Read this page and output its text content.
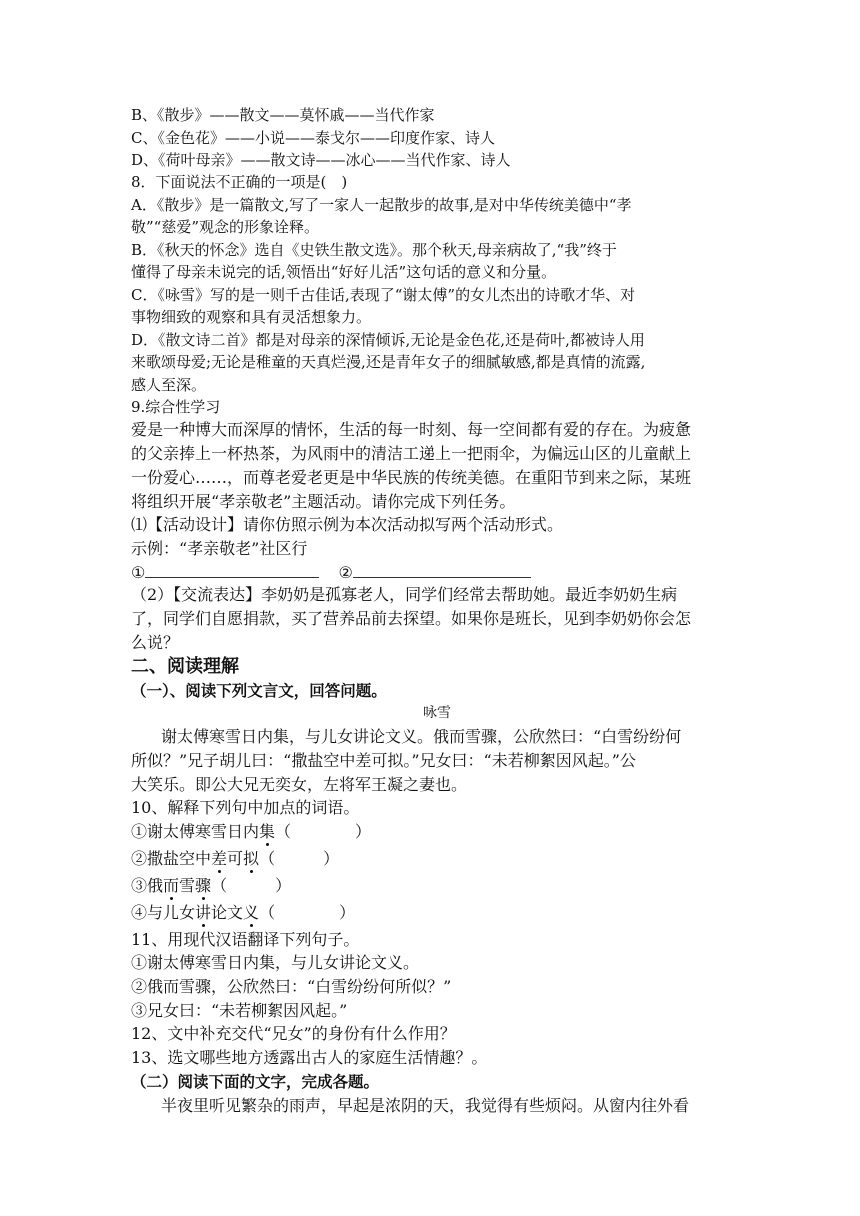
B、《散步》——散文——莫怀戚——当代作家
C、《金色花》——小说——泰戈尔——印度作家、诗人
D、《荷叶母亲》——散文诗——冰心——当代作家、诗人
8．下面说法不正确的一项是(　)
A．《散步》是一篇散文,写了一家人一起散步的故事,是对中华传统美德中“孝
敬”“慈爱”观念的形象诠释。
B．《秋天的怀念》选自《史铁生散文选》。那个秋天,母亲病故了,“我”终于
懂得了母亲未说完的话,领悟出“好好儿活”这句话的意义和分量。
C．《咏雪》写的是一则千古佳话,表现了“谢太傅”的女儿杰出的诗歌才华、对
事物细致的观察和具有灵活想象力。
D．《散文诗二首》都是对母亲的深情倾诉,无论是金色花,还是荷叶,都被诗人用
来歌颂母爱;无论是稚童的天真烂漫,还是青年女子的细腻敏感,都是真情的流露,
感人至深。
9.综合性学习
爱是一种博大而深厚的情怀，生活的每一时刻、每一空间都有爱的存在。为疲惫
的父亲捧上一杯热茶，为风雨中的清洁工递上一把雨伞，为偏远山区的儿童献上
一份爱心……，而尊老爱老更是中华民族的传统美德。在重阳节到来之际，某班
将组织开展“孝亲敬老”主题活动。请你完成下列任务。
⑴【活动设计】请你仿照示例为本次活动拟写两个活动形式。
示例：“孝亲敬老”社区行
①	②
（2）【交流表达】李奶奶是孤寡老人，同学们经常去帮助她。最近李奶奶生病
了，同学们自愿捐款，买了营养品前去探望。如果你是班长，见到李奶奶你会怎
么说？
二、阅读理解
（一）、阅读下列文言文，回答问题。
咏雪
谢太傅寒雪日内集，与儿女讲论文义。俄而雪骤，公欣然曰：“白雪纷纷何
所似？”兄子胡儿曰：“撒盐空中差可拟。”兄女曰：“未若柳絮因风起。”公
大笑乐。即公大兄无奕女，左将军王凝之妻也。
10、解释下列句中加点的词语。
①谢太傅寒雪日内集（　　　　）
②撒盐空中差可拟（　　　）
③俄而雪骤（　　　）
④与儿女讲论文义（　　　　）
11、用现代汉语翻译下列句子。
①谢太傅寒雪日内集，与儿女讲论文义。
②俄而雪骤，公欣然曰：“白雪纷纷何所似？”
③兄女曰：“未若柳絮因风起。”
12、文中补充交代“兄女”的身份有什么作用？
13、选文哪些地方透露出古人的家庭生活情趣？。
（二）阅读下面的文字，完成各题。
半夜里听见繁杂的雨声，早起是浓阴的天，我觉得有些烦闷。从窗内往外看
